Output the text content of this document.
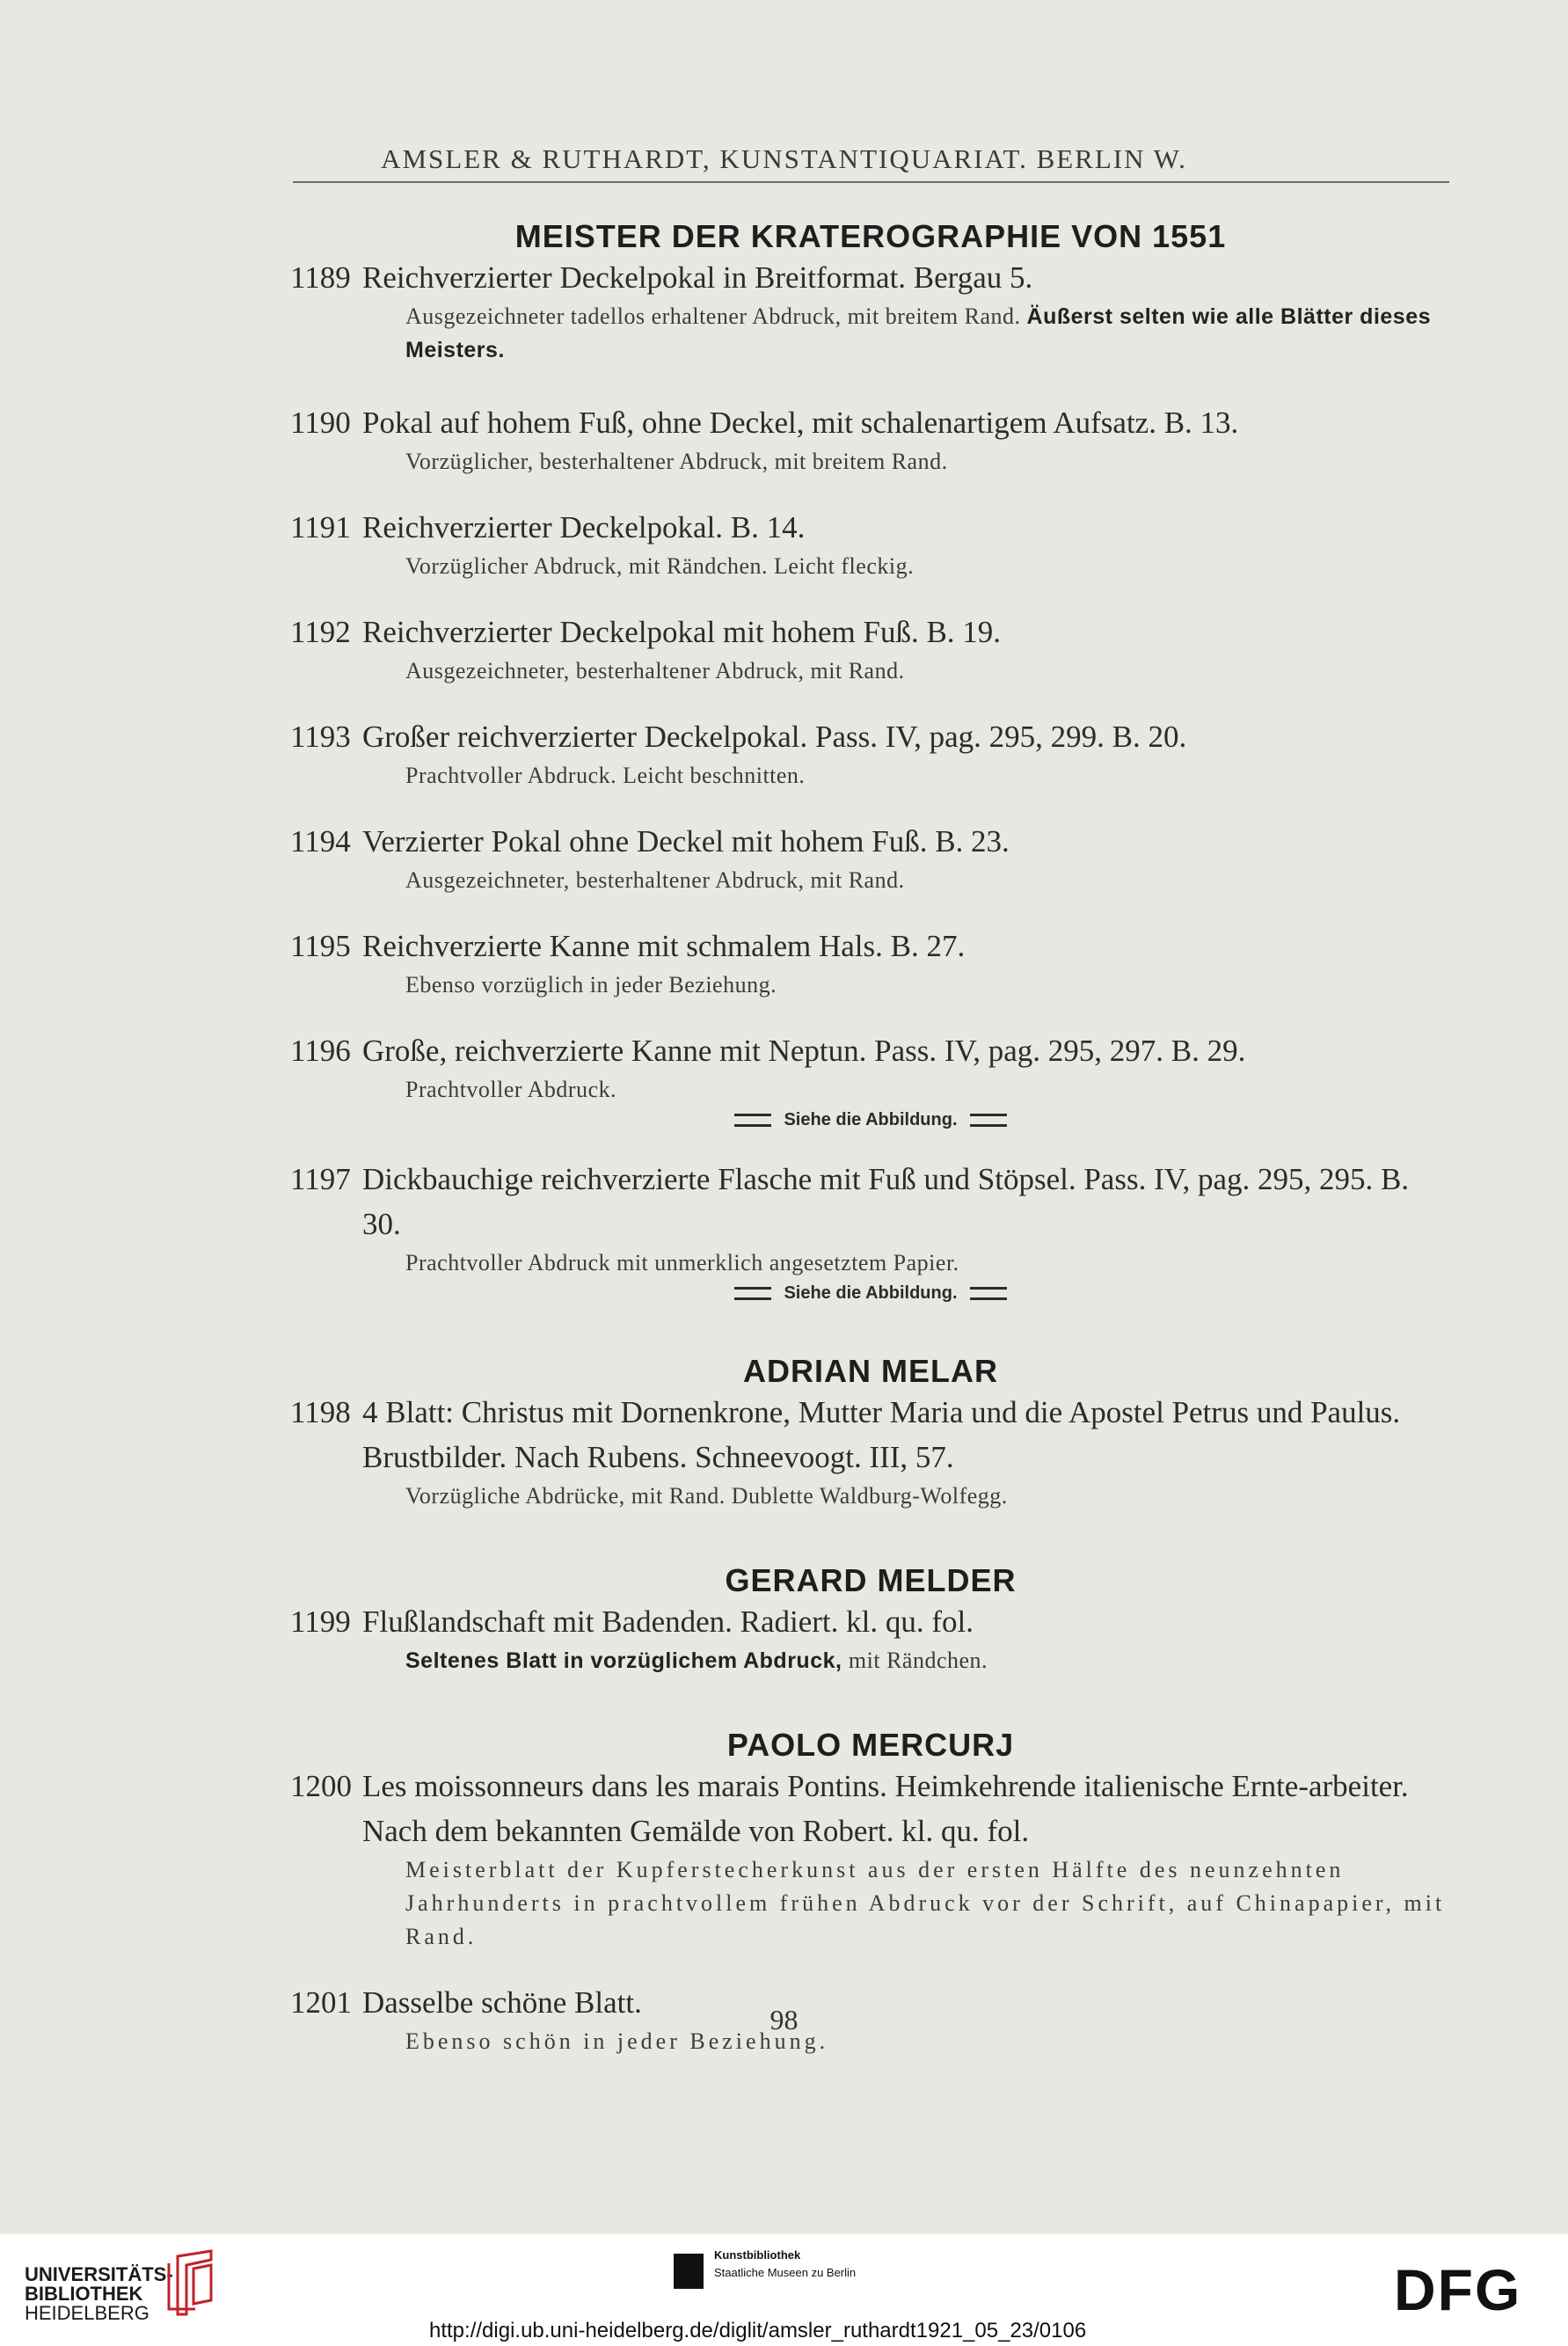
AMSLER & RUTHARDT, KUNSTANTIQUARIAT. BERLIN W.
MEISTER DER KRATEROGRAPHIE VON 1551
1189 Reichverzierter Deckelpokal in Breitformat. Bergau 5.
Ausgezeichneter tadellos erhaltener Abdruck, mit breitem Rand. Äußerst selten wie alle Blätter dieses Meisters.
1190 Pokal auf hohem Fuß, ohne Deckel, mit schalenartigem Aufsatz. B. 13.
Vorzüglicher, besterhaltener Abdruck, mit breitem Rand.
1191 Reichverzierter Deckelpokal. B. 14.
Vorzüglicher Abdruck, mit Rändchen. Leicht fleckig.
1192 Reichverzierter Deckelpokal mit hohem Fuß. B. 19.
Ausgezeichneter, besterhaltener Abdruck, mit Rand.
1193 Großer reichverzierter Deckelpokal. Pass. IV, pag. 295, 299. B. 20.
Prachtvoller Abdruck. Leicht beschnitten.
1194 Verzierter Pokal ohne Deckel mit hohem Fuß. B. 23.
Ausgezeichneter, besterhaltener Abdruck, mit Rand.
1195 Reichverzierte Kanne mit schmalem Hals. B. 27.
Ebenso vorzüglich in jeder Beziehung.
1196 Große, reichverzierte Kanne mit Neptun. Pass. IV, pag. 295, 297. B. 29.
Prachtvoller Abdruck.
Siehe die Abbildung.
1197 Dickbauchige reichverzierte Flasche mit Fuß und Stöpsel. Pass. IV, pag. 295, 295. B. 30.
Prachtvoller Abdruck mit unmerklich angesetztem Papier.
Siehe die Abbildung.
ADRIAN MELAR
1198 4 Blatt: Christus mit Dornenkrone, Mutter Maria und die Apostel Petrus und Paulus. Brustbilder. Nach Rubens. Schneevoogt. III, 57.
Vorzügliche Abdrücke, mit Rand. Dublette Waldburg-Wolfegg.
GERARD MELDER
1199 Flußlandschaft mit Badenden. Radiert. kl. qu. fol.
Seltenes Blatt in vorzüglichem Abdruck, mit Rändchen.
PAOLO MERCURJ
1200 Les moissonneurs dans les marais Pontins. Heimkehrende italienische Ernte-arbeiter. Nach dem bekannten Gemälde von Robert. kl. qu. fol.
Meisterblatt der Kupferstecherkunst aus der ersten Hälfte des neunzehnten Jahrhunderts in prachtvollem frühen Abdruck vor der Schrift, auf Chinapapier, mit Rand.
1201 Dasselbe schöne Blatt.
Ebenso schön in jeder Beziehung.
98
UNIVERSITÄTS-
BIBLIOTHEK
HEIDELBERG
Kunstbibliothek
Staatliche Museen zu Berlin	DFG
http://digi.ub.uni-heidelberg.de/diglit/amsler_ruthardt1921_05_23/0106
